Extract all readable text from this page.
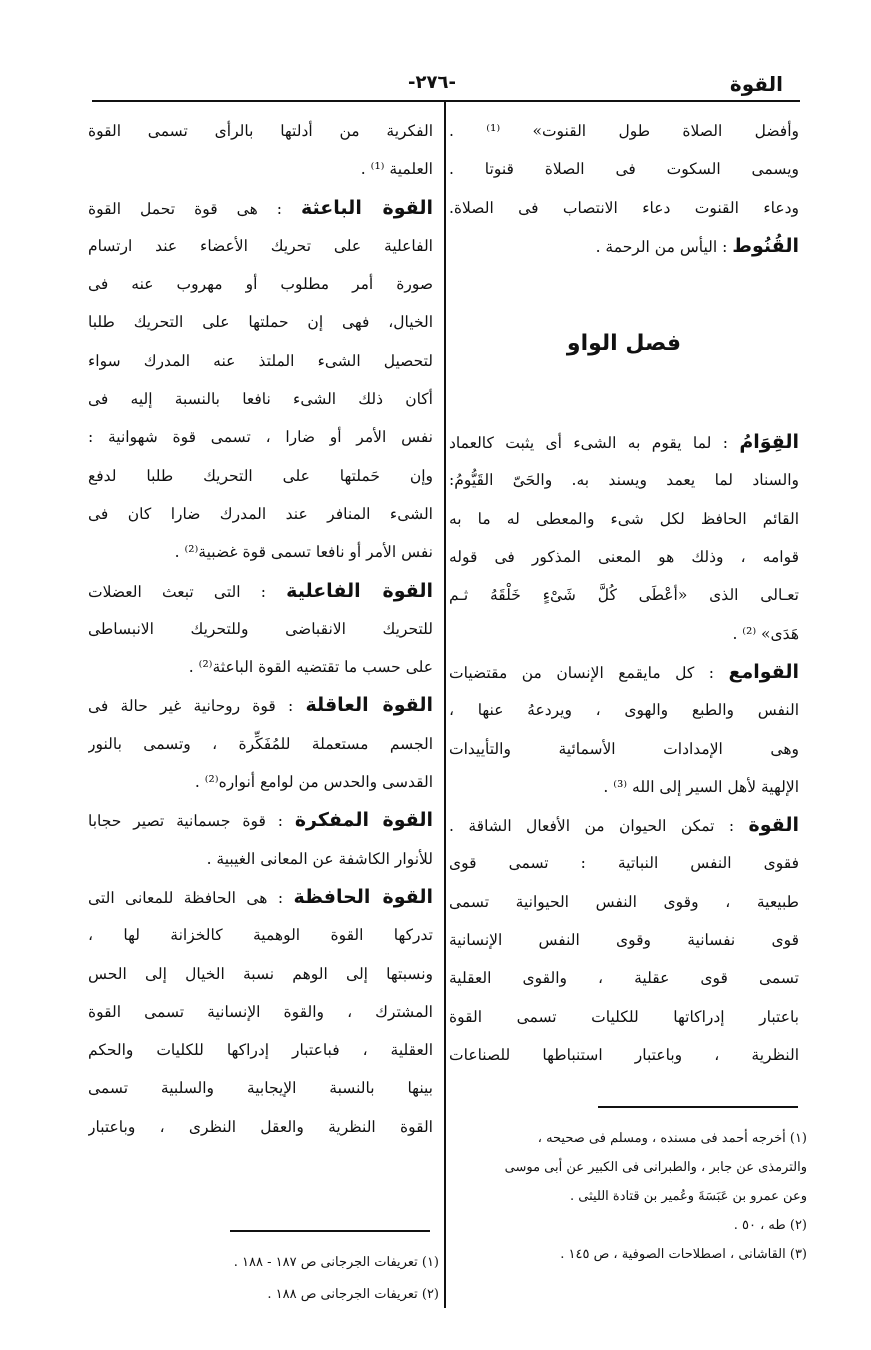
القوة
-٢٧٦-
وأفضل الصلاة طول القنوت» ⁽¹⁾ .
ويسمى السكوت فى الصلاة قنوتا .
ودعاء القنوت دعاء الانتصاب فى الصلاة.
القُنُوط : اليأس من الرحمة .
فصل الواو
القِوَامُ : لما يقوم به الشىء أى يثبت كالعماد
والسناد لما يعمد ويسند به. والحَىّ القَيُّومُ:
القائم الحافظ لكل شىء والمعطى له ما به
قوامه ، وذلك هو المعنى المذكور فى قوله
تعـالى الذى «أعْطَى كُلَّ شَىْءٍ خَلْقَهُ ثـم
هَدَى» ⁽²⁾ .
القوامع : كل مايقمع الإنسان من مقتضيات
النفس والطبع والهوى ، ويردعهُ عنها ،
وهى الإمدادات الأسمائية والتأييدات
الإلهية لأهل السير إلى الله ⁽³⁾ .
القوة : تمكن الحيوان من الأفعال الشاقة .
فقوى النفس النباتية : تسمى قوى
طبيعية ، وقوى النفس الحيوانية تسمى
قوى نفسانية وقوى النفس الإنسانية
تسمى قوى عقلية ، والقوى العقلية
باعتبار إدراكاتها للكليات تسمى القوة
النظرية ، وباعتبار استنباطها للصناعات
(١) أخرجه أحمد فى مسنده ، ومسلم فى صحيحه ،
والترمذى عن جابر ، والطبرانى فى الكبير عن أبى موسى
وعن عمرو بن عَبَسَةَ وعُمير بن قتادة الليثى .
(٢) طه ، ٥٠ .
(٣) القاشانى ، اصطلاحات الصوفية ، ص ١٤٥ .
الفكرية من أدلتها بالرأى تسمى القوة
العلمية ⁽¹⁾ .
القوة الباعثة : هى قوة تحمل القوة
الفاعلية على تحريك الأعضاء عند ارتسام
صورة أمر مطلوب أو مهروب عنه فى
الخيال، فهى إن حملتها على التحريك طلبا
لتحصيل الشىء الملتذ عنه المدرك سواء
أكان ذلك الشىء نافعا بالنسبة إليه فى
نفس الأمر أو ضارا ، تسمى قوة شهوانية :
وإن حَملتها على التحريك طلبا لدفع
الشىء المنافر عند المدرك ضارا كان فى
نفس الأمر أو نافعا تسمى قوة غضبية⁽²⁾ .
القوة الفاعلية : التى تبعث العضلات
للتحريك الانقباضى وللتحريك الانبساطى
على حسب ما تقتضيه القوة الباعثة⁽²⁾ .
القوة العاقلة : قوة روحانية غير حالة فى
الجسم مستعملة للمُفَكِّرة ، وتسمى بالنور
القدسى والحدس من لوامع أنواره⁽²⁾ .
القوة المفكرة : قوة جسمانية تصير حجابا
للأنوار الكاشفة عن المعانى الغيبية .
القوة الحافظة : هى الحافظة للمعانى التى
تدركها القوة الوهمية كالخزانة لها ،
ونسبتها إلى الوهم نسبة الخيال إلى الحس
المشترك ، والقوة الإنسانية تسمى القوة
العقلية ، فباعتبار إدراكها للكليات والحكم
بينها بالنسبة الإيجابية والسلبية تسمى
القوة النظرية والعقل النظرى ، وباعتبار
(١) تعريفات الجرجانى ص ١٨٧ - ١٨٨ .
(٢) تعريفات الجرجانى ص ١٨٨ .
